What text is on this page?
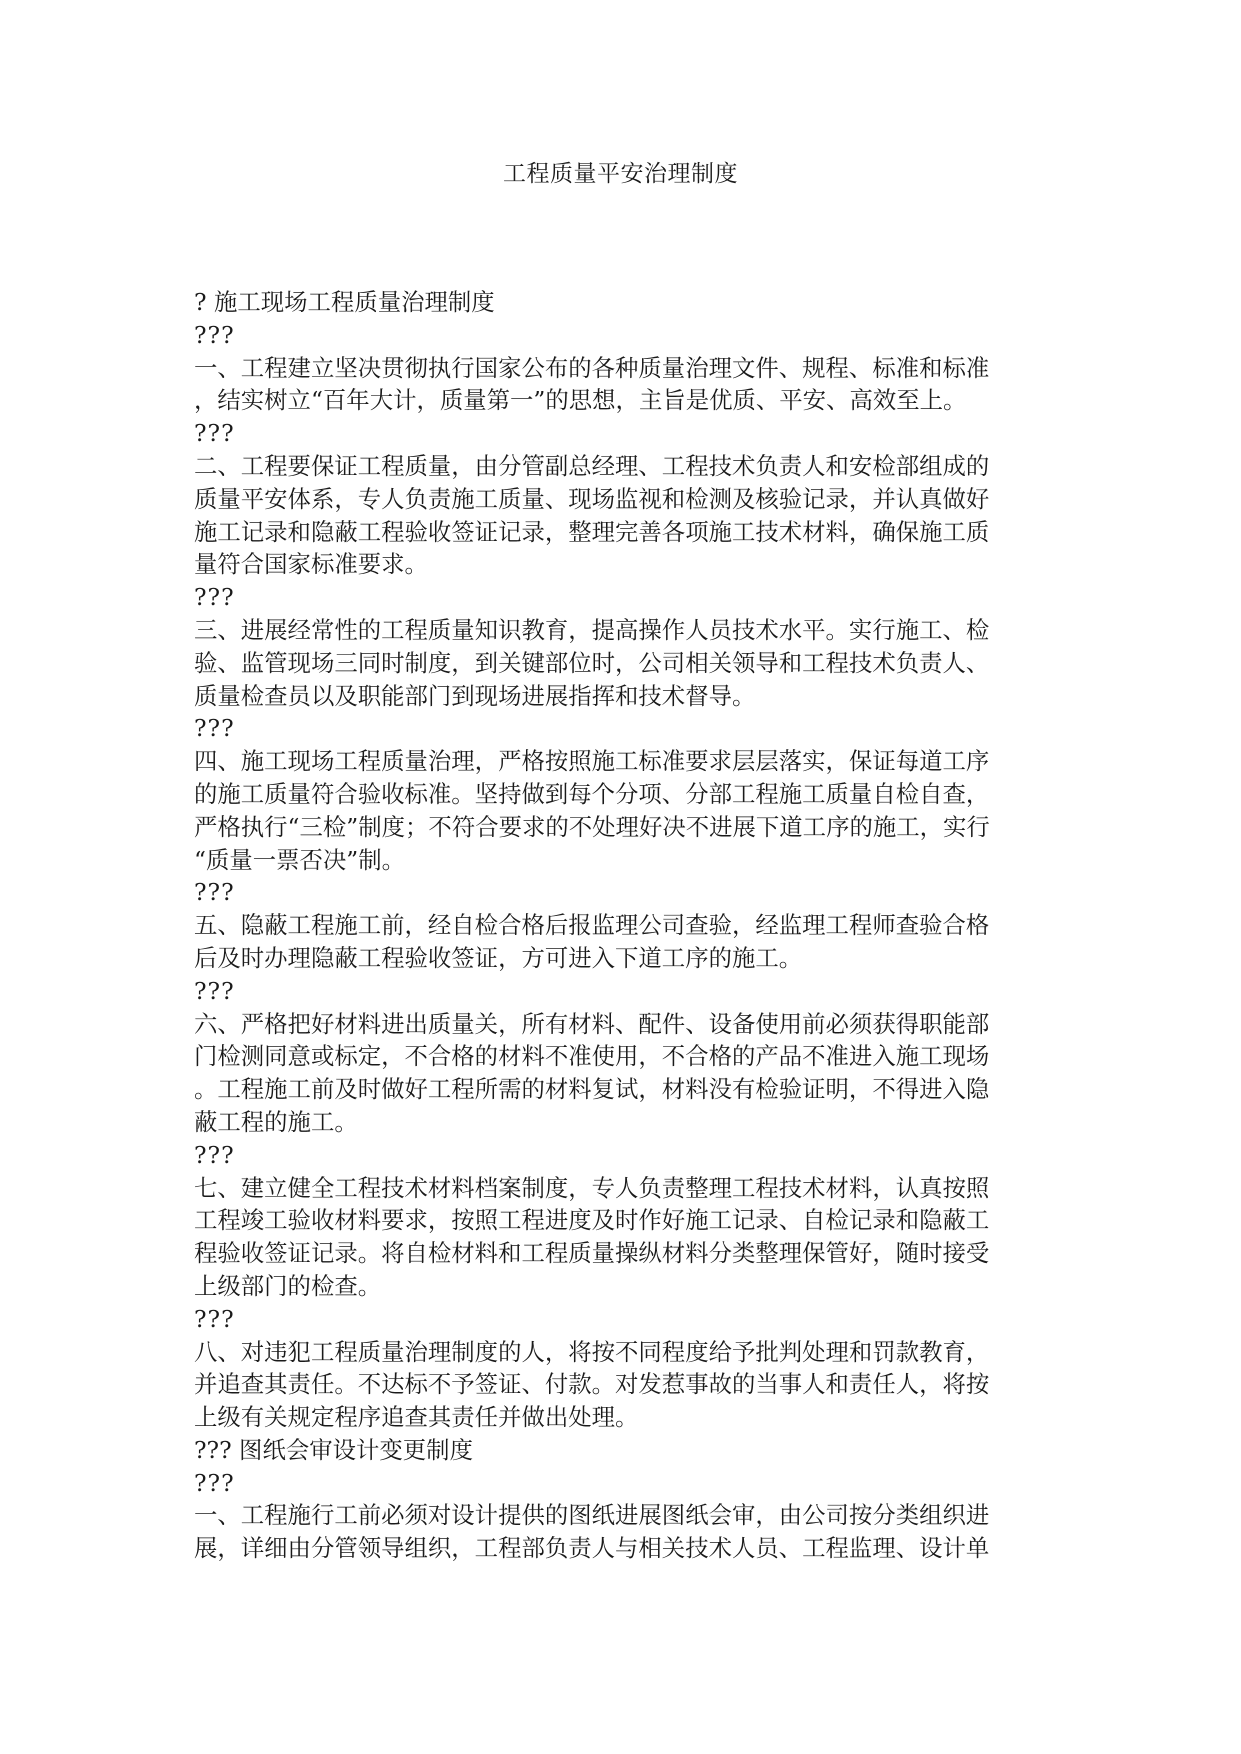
工程质量平安治理制度
? 施工现场工程质量治理制度
???
一、工程建立坚决贯彻执行国家公布的各种质量治理文件、规程、标准和标准
，结实树立“百年大计，质量第一”的思想，主旨是优质、平安、高效至上。
???
二、工程要保证工程质量，由分管副总经理、工程技术负责人和安检部组成的
质量平安体系，专人负责施工质量、现场监视和检测及核验记录，并认真做好
施工记录和隐蔽工程验收签证记录，整理完善各项施工技术材料，确保施工质
量符合国家标准要求。
???
三、进展经常性的工程质量知识教育，提高操作人员技术水平。实行施工、检
验、监管现场三同时制度，到关键部位时，公司相关领导和工程技术负责人、
质量检查员以及职能部门到现场进展指挥和技术督导。
???
四、施工现场工程质量治理，严格按照施工标准要求层层落实，保证每道工序
的施工质量符合验收标准。坚持做到每个分项、分部工程施工质量自检自查，
严格执行“三检”制度；不符合要求的不处理好决不进展下道工序的施工，实行
“质量一票否决”制。
???
五、隐蔽工程施工前，经自检合格后报监理公司查验，经监理工程师查验合格
后及时办理隐蔽工程验收签证，方可进入下道工序的施工。
???
六、严格把好材料进出质量关，所有材料、配件、设备使用前必须获得职能部
门检测同意或标定，不合格的材料不准使用，不合格的产品不准进入施工现场
。工程施工前及时做好工程所需的材料复试，材料没有检验证明，不得进入隐
蔽工程的施工。
???
七、建立健全工程技术材料档案制度，专人负责整理工程技术材料，认真按照
工程竣工验收材料要求，按照工程进度及时作好施工记录、自检记录和隐蔽工
程验收签证记录。将自检材料和工程质量操纵材料分类整理保管好，随时接受
上级部门的检查。
???
八、对违犯工程质量治理制度的人，将按不同程度给予批判处理和罚款教育，
并追查其责任。不达标不予签证、付款。对发惹事故的当事人和责任人，将按
上级有关规定程序追查其责任并做出处理。
??? 图纸会审设计变更制度
???
一、工程施行工前必须对设计提供的图纸进展图纸会审，由公司按分类组织进
展，详细由分管领导组织，工程部负责人与相关技术人员、工程监理、设计单
